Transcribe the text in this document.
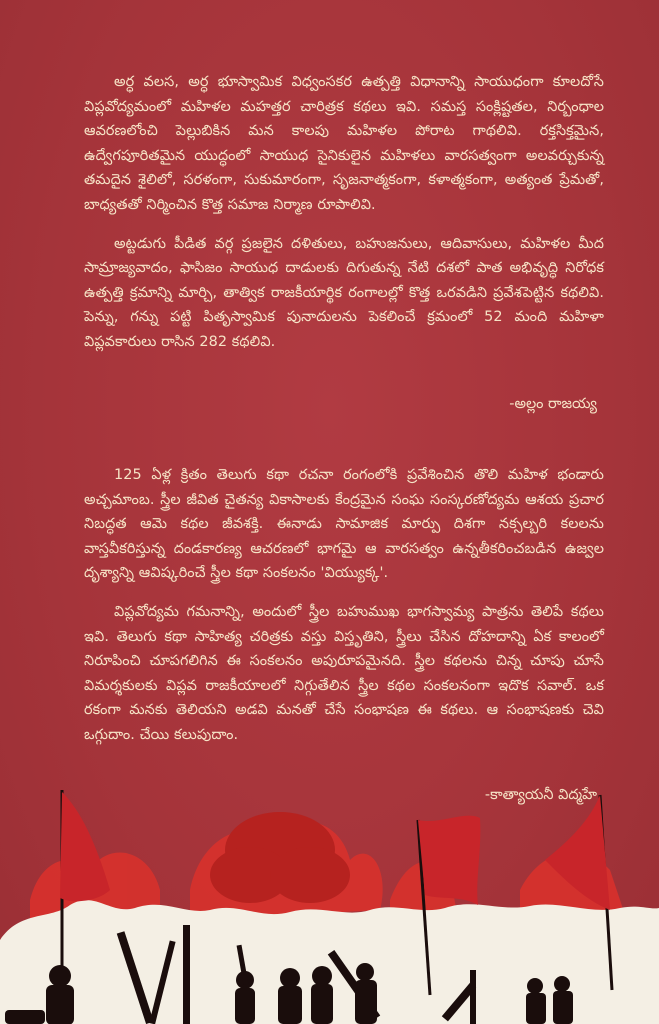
అర్ధ వలస, అర్ధ భూస్వామిక విధ్వంసకర ఉత్పత్తి విధానాన్ని సాయుధంగా కూలదోసే విప్లవోద్యమంలో మహిళల మహత్తర చారిత్రక కథలు ఇవి. సమస్త సంక్లిష్టతల, నిర్బంధాల ఆవరణలోంచి పెల్లుబికిన మన కాలపు మహిళల పోరాట గాథలివి. రక్తసిక్తమైన, ఉద్వేగపూరితమైన యుద్ధంలో సాయుధ సైనికులైన మహిళలు వారసత్వంగా అలవర్చుకున్న తమదైన శైలిలో, సరళంగా, సుకుమారంగా, సృజనాత్మకంగా, కళాత్మకంగా, అత్యంత ప్రేమతో, బాధ్యతతో నిర్మించిన కొత్త సమాజ నిర్మాణ రూపాలివి.

అట్టడుగు పీడిత వర్గ ప్రజలైన దళితులు, బహుజనులు, ఆదివాసులు, మహిళల మీద సామ్రాజ్యవాదం, ఫాసిజం సాయుధ దాడులకు దిగుతున్న నేటి దశలో పాత అభివృద్ధి నిరోధక ఉత్పత్తి క్రమాన్ని మార్చి, తాత్విక రాజకీయార్థిక రంగాలల్లో కొత్త ఒరవడిని ప్రవేశపెట్టిన కథలివి. పెన్ను, గన్ను పట్టి పితృస్వామిక పునాదులను పెకలించే క్రమంలో 52 మంది మహిళా విప్లవకారులు రాసిన 282 కథలివి.

-అల్లం రాజయ్య

125 ఏళ్ల క్రితం తెలుగు కథా రచనా రంగంలోకి ప్రవేశించిన తొలి మహిళ భండారు అచ్చమాంబ. స్త్రీల జీవిత చైతన్య వికాసాలకు కేంద్రమైన సంఘ సంస్కరణోద్యమ ఆశయ ప్రచార నిబద్ధత ఆమె కథల జీవశక్తి. ఈనాడు సామాజిక మార్పు దిశగా నక్సల్బరి కలలను వాస్తవీకరిస్తున్న దండకారణ్య ఆచరణలో భాగమై ఆ వారసత్వం ఉన్నతీకరించబడిన ఉజ్వల దృశ్యాన్ని ఆవిష్కరించే స్త్రీల కథా సంకలనం 'వియ్యుక్క'.

విప్లవోద్యమ గమనాన్ని, అందులో స్త్రీల బహుముఖ భాగస్వామ్య పాత్రను తెలిపే కథలు ఇవి. తెలుగు కథా సాహిత్య చరిత్రకు వస్తు విస్తృతిని, స్త్రీలు చేసిన దోహదాన్ని ఏక కాలంలో నిరూపించి చూపగలిగిన ఈ సంకలనం అపురూపమైనది. స్త్రీల కథలను చిన్న చూపు చూసే విమర్శకులకు విప్లవ రాజకీయాలలో నిగ్గుతేలిన స్త్రీల కథల సంకలనంగా ఇదొక సవాల్. ఒక రకంగా మనకు తెలియని అడవి మనతో చేసే సంభాషణ ఈ కథలు. ఆ సంభాషణకు చెవి ఒగ్గుదాం. చేయి కలుపుదాం.

-కాత్యాయనీ విద్మహే
